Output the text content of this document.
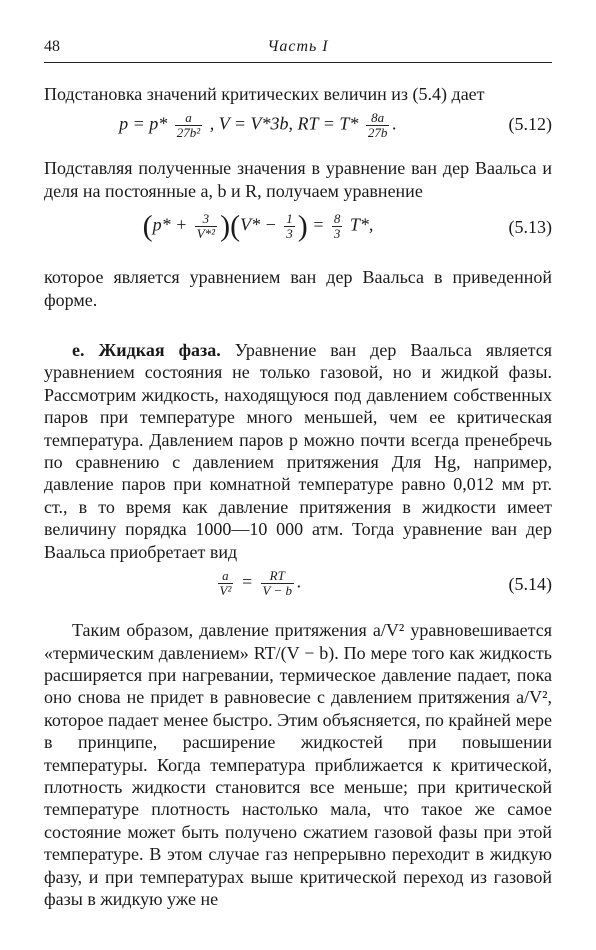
48	Часть I

Подстановка значений критических величин из (5.4) дает

$p = p* \frac{a}{\text{27b²}}$ , V = V*3b, RT = $T* \frac{8a}{27b}$ .	(5.12)

Подставляя полученные значения в уравнение ван дер Ваальса и деля на постоянные a, b и R, получаем уравнение

$(p* + \frac{3}{\text{V*²}} )(V* - \frac{1}{3}$ ) = $\frac{8}{3} T*$,	(5.13)

которое является уравнением ван дер Ваальса в приведенной форме.

е. Жидкая фаза. Уравнение ван дер Ваальса является уравнением состояния не только газовой, но и жидкой фазы. Рассмотрим жидкость, находящуюся под давлением собственных паров при температуре много меньшей, чем ее критическая температура. Давлением паров p можно почти всегда пренебречь по сравнению с давлением притяжения Для Hg, например, давление паров при комнатной температуре равно 0,012 мм рт. ст., в то время как давление притяжения в жидкости имеет величину порядка 1000—10 000 атм. Тогда уравнение ван дер Ваальса приобретает вид

$\frac{a}{\text{V²}} = \frac{RT}{V - b}$ .	(5.14)

Таким образом, давление притяжения a/V² уравновешивается «термическим давлением» RT/(V − b). По мере того как жидкость расширяется при нагревании, термическое давление падает, пока оно снова не придет в равновесие с давлением притяжения a/V², которое падает менее быстро. Этим объясняется, по крайней мере в принципе, расширение жидкостей при повышении температуры. Когда температура приближается к критической, плотность жидкости становится все меньше; при критической температуре плотность настолько мала, что такое же самое состояние может быть получено сжатием газовой фазы при этой температуре. В этом случае газ непрерывно переходит в жидкую фазу, и при температурах выше критической переход из газовой фазы в жидкую уже не
